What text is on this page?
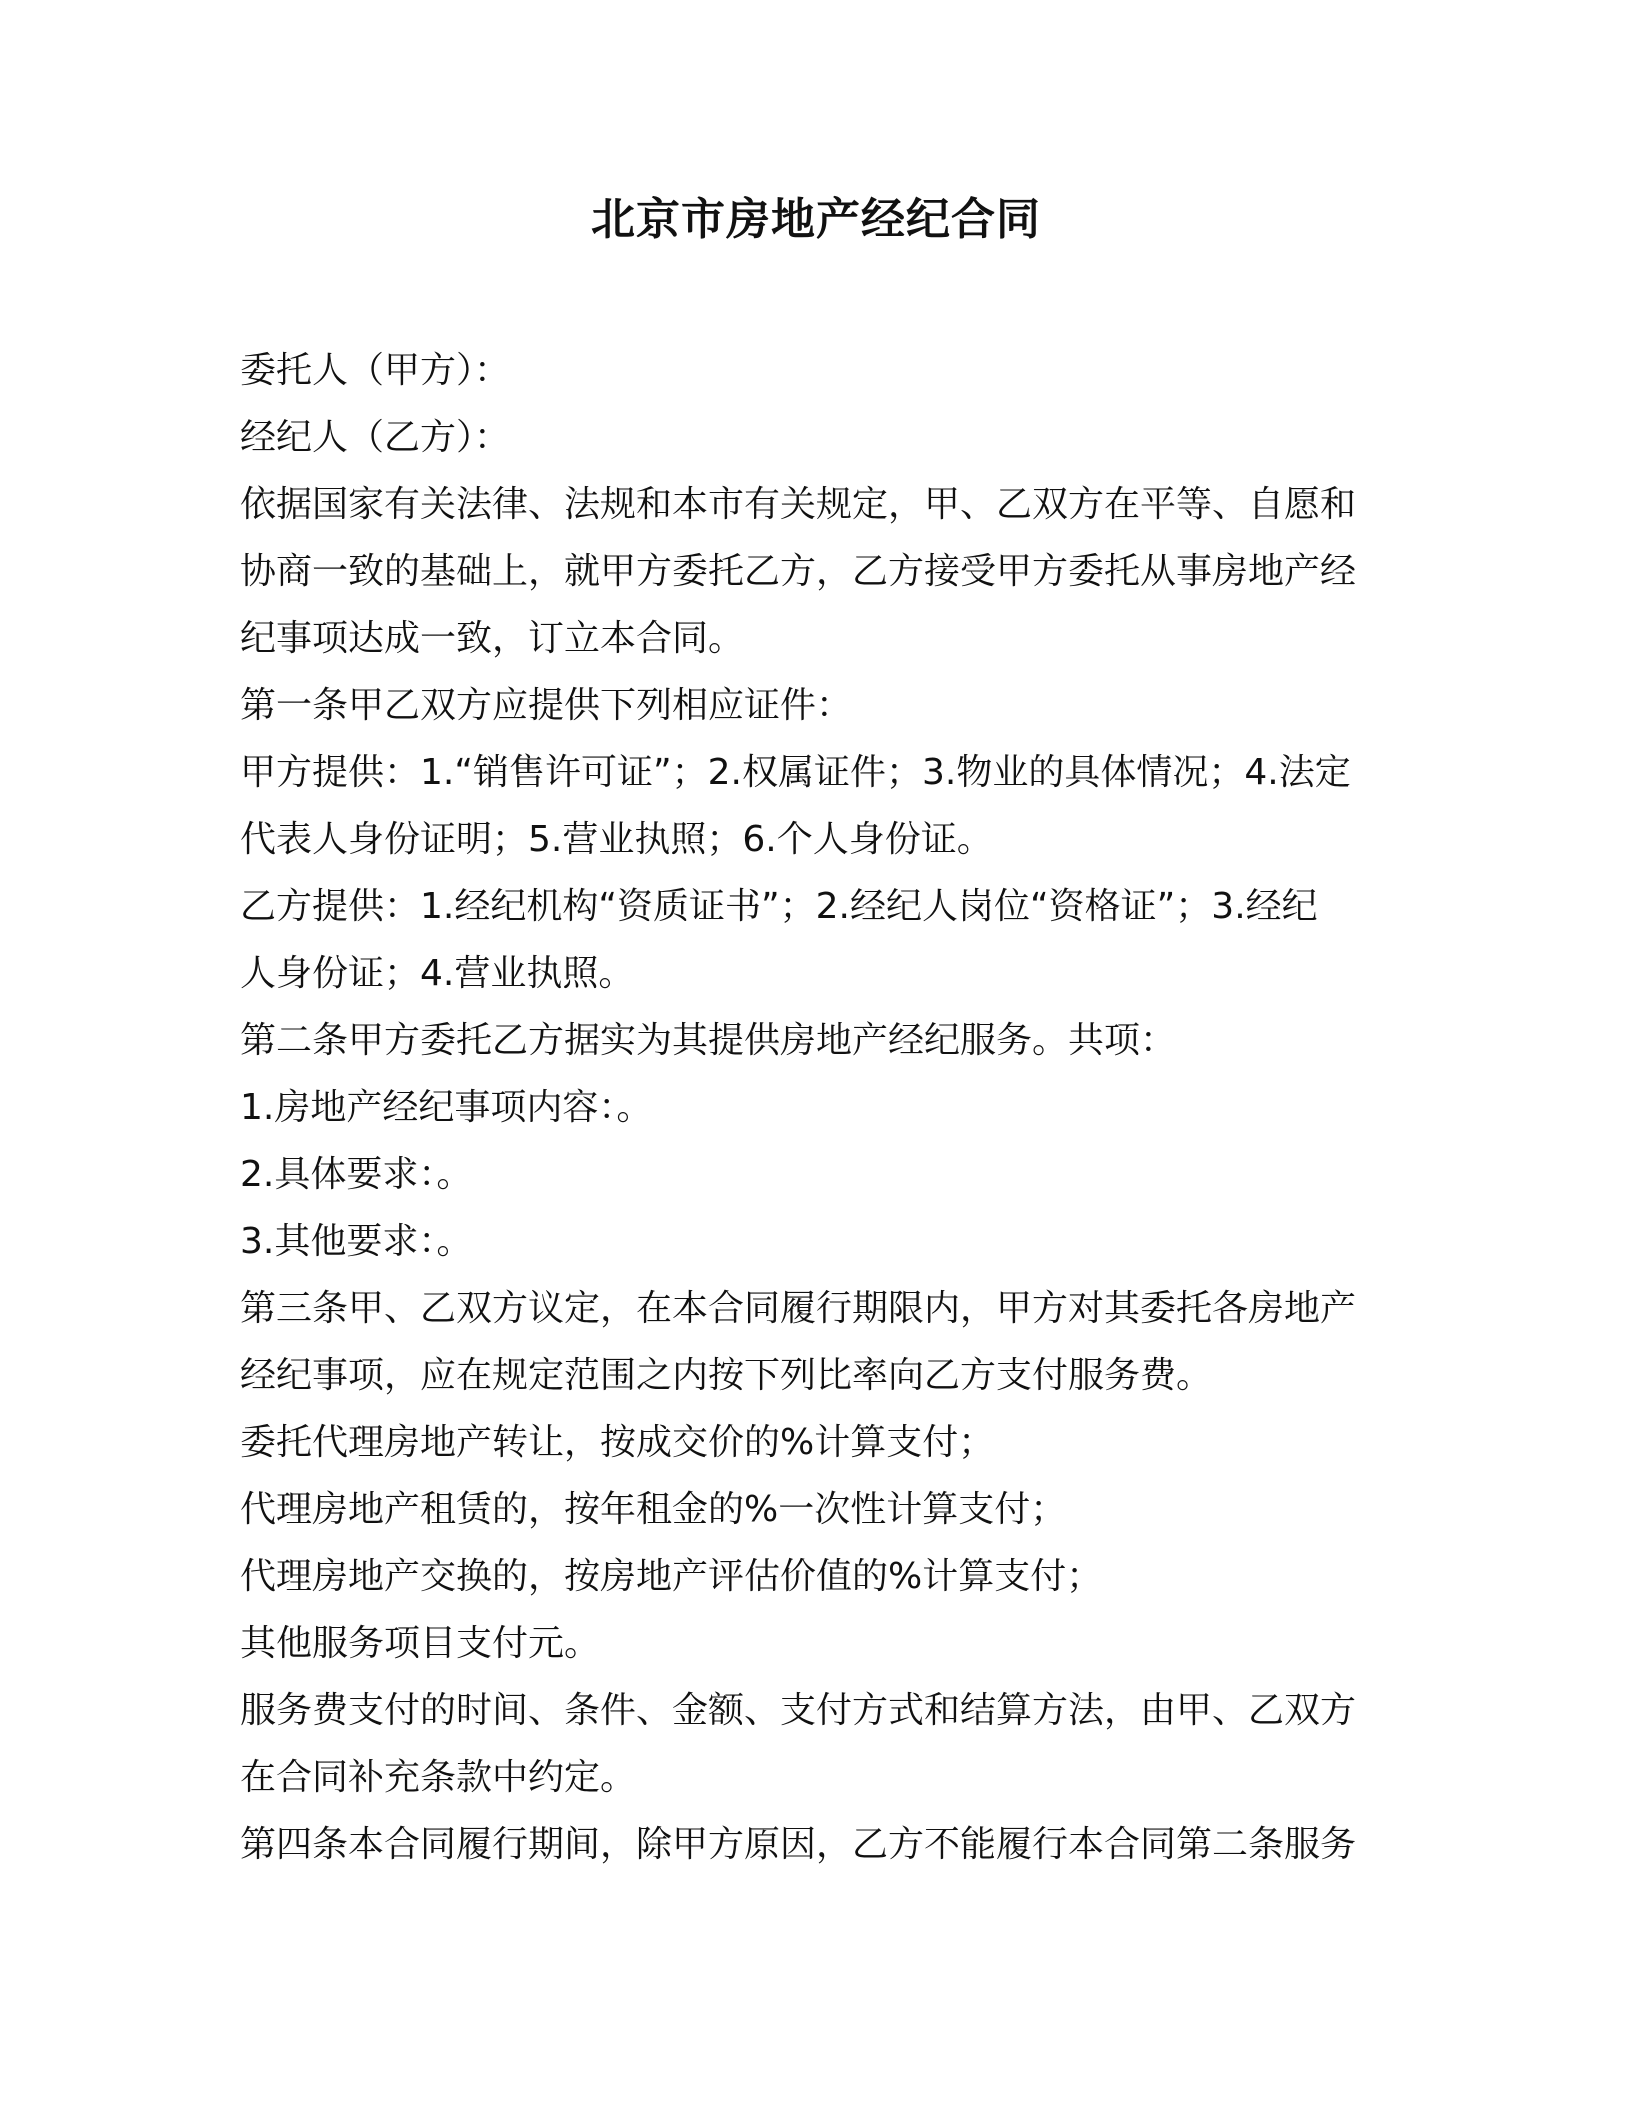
北京市房地产经纪合同
委托人（甲方）：
经纪人（乙方）：
依据国家有关法律、法规和本市有关规定，甲、乙双方在平等、自愿和
协商一致的基础上，就甲方委托乙方，乙方接受甲方委托从事房地产经
纪事项达成一致，订立本合同。
第一条甲乙双方应提供下列相应证件：
甲方提供：1.“销售许可证”；2.权属证件；3.物业的具体情况；4.法定
代表人身份证明；5.营业执照；6.个人身份证。
乙方提供：1.经纪机构“资质证书”；2.经纪人岗位“资格证”；3.经纪
人身份证；4.营业执照。
第二条甲方委托乙方据实为其提供房地产经纪服务。共项：
1.房地产经纪事项内容：。
2.具体要求：。
3.其他要求：。
第三条甲、乙双方议定，在本合同履行期限内，甲方对其委托各房地产
经纪事项，应在规定范围之内按下列比率向乙方支付服务费。
委托代理房地产转让，按成交价的%计算支付；
代理房地产租赁的，按年租金的%一次性计算支付；
代理房地产交换的，按房地产评估价值的%计算支付；
其他服务项目支付元。
服务费支付的时间、条件、金额、支付方式和结算方法，由甲、乙双方
在合同补充条款中约定。
第四条本合同履行期间，除甲方原因，乙方不能履行本合同第二条服务
